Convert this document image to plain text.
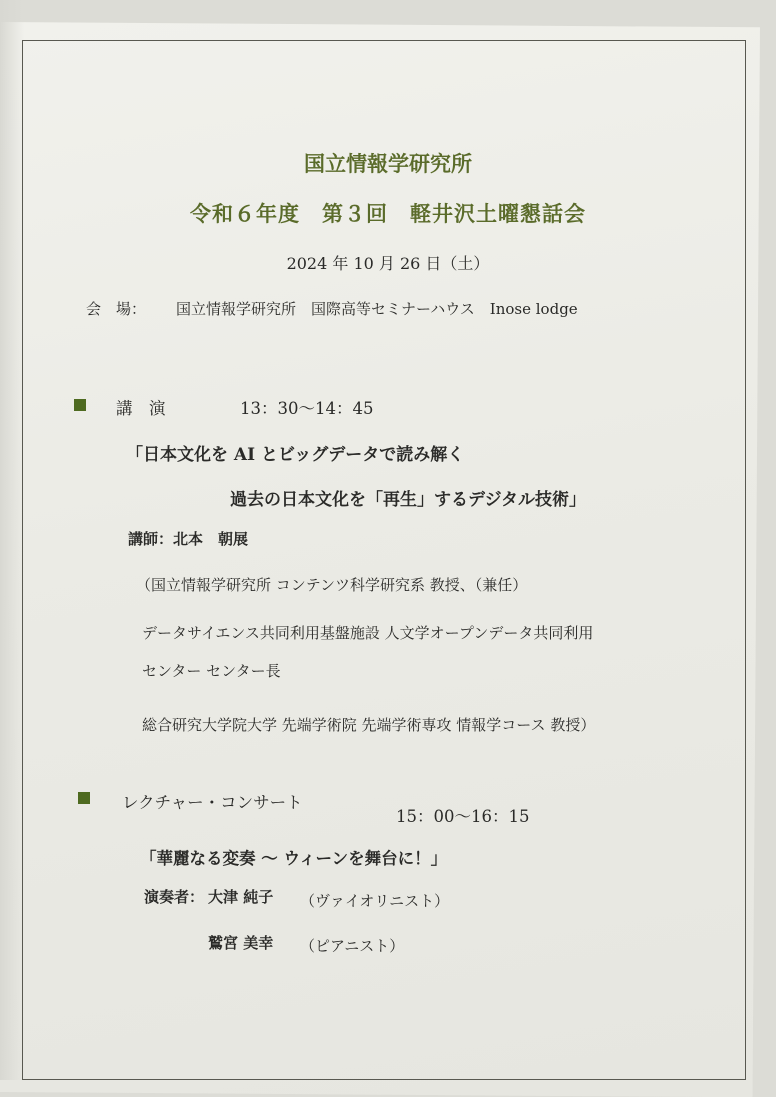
国立情報学研究所
令和６年度　第３回　軽井沢土曜懇話会
2024 年 10 月 26 日（土）
会　場： 国立情報学研究所　国際高等セミナーハウス　Inose lodge
講　演	13：30～14：45
「日本文化を AI とビッグデータで読み解く
過去の日本文化を「再生」するデジタル技術」
講師：北本　朝展
（国立情報学研究所 コンテンツ科学研究系 教授、（兼任）
データサイエンス共同利用基盤施設 人文学オープンデータ共同利用
センター センター長
総合研究大学院大学 先端学術院 先端学術専攻 情報学コース 教授）
レクチャー・コンサート
15：00～16：15
「華麗なる変奏 ～ ウィーンを舞台に！」
演奏者： 大津 純子 （ヴァイオリニスト）
鷲宮 美幸 （ピアニスト）
